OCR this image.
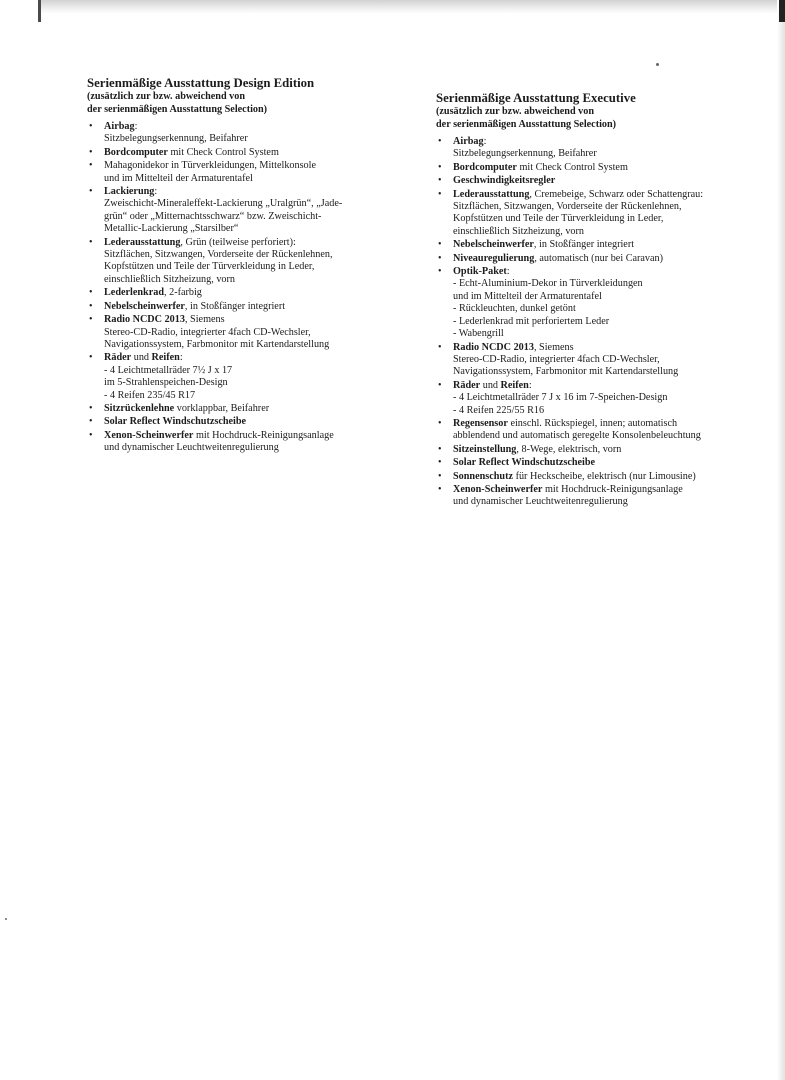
Serienmäßige Ausstattung Design Edition
(zusätzlich zur bzw. abweichend von
der serienmäßigen Ausstattung Selection)
• Airbag:
Sitzbelegungserkennung, Beifahrer
• Bordcomputer mit Check Control System
• Mahagonidekor in Türverkleidungen, Mittelkonsole
und im Mittelteil der Armaturentafel
• Lackierung:
Zweischicht-Mineraleffekt-Lackierung „Uralgrün“, „Jade-
grün“ oder „Mitternachtsschwarz“ bzw. Zweischicht-
Metallic-Lackierung „Starsilber“
• Lederausstattung, Grün (teilweise perforiert):
Sitzflächen, Sitzwangen, Vorderseite der Rückenlehnen,
Kopfstützen und Teile der Türverkleidung in Leder,
einschließlich Sitzheizung, vorn
• Lederlenkrad, 2-farbig
• Nebelscheinwerfer, in Stoßfänger integriert
• Radio NCDC 2013, Siemens
Stereo-CD-Radio, integrierter 4fach CD-Wechsler,
Navigationssystem, Farbmonitor mit Kartendarstellung
• Räder und Reifen:
- 4 Leichtmetallräder 7½ J x 17
im 5-Strahlenspeichen-Design
- 4 Reifen 235/45 R17
• Sitzrückenlehne vorklappbar, Beifahrer
• Solar Reflect Windschutzscheibe
• Xenon-Scheinwerfer mit Hochdruck-Reinigungsanlage
und dynamischer Leuchtweitenregulierung
Serienmäßige Ausstattung Executive
(zusätzlich zur bzw. abweichend von
der serienmäßigen Ausstattung Selection)
• Airbag:
Sitzbelegungserkennung, Beifahrer
• Bordcomputer mit Check Control System
• Geschwindigkeitsregler
• Lederausstattung, Cremebeige, Schwarz oder Schattengrau:
Sitzflächen, Sitzwangen, Vorderseite der Rückenlehnen,
Kopfstützen und Teile der Türverkleidung in Leder,
einschließlich Sitzheizung, vorn
• Nebelscheinwerfer, in Stoßfänger integriert
• Niveauregulierung, automatisch (nur bei Caravan)
• Optik-Paket:
- Echt-Aluminium-Dekor in Türverkleidungen
und im Mittelteil der Armaturentafel
- Rückleuchten, dunkel getönt
- Lederlenkrad mit perforiertem Leder
- Wabengrill
• Radio NCDC 2013, Siemens
Stereo-CD-Radio, integrierter 4fach CD-Wechsler,
Navigationssystem, Farbmonitor mit Kartendarstellung
• Räder und Reifen:
- 4 Leichtmetallräder 7 J x 16 im 7-Speichen-Design
- 4 Reifen 225/55 R16
• Regensensor einschl. Rückspiegel, innen; automatisch
abblendend und automatisch geregelte Konsolenbeleuchtung
• Sitzeinstellung, 8-Wege, elektrisch, vorn
• Solar Reflect Windschutzscheibe
• Sonnenschutz für Heckscheibe, elektrisch (nur Limousine)
• Xenon-Scheinwerfer mit Hochdruck-Reinigungsanlage
und dynamischer Leuchtweitenregulierung
